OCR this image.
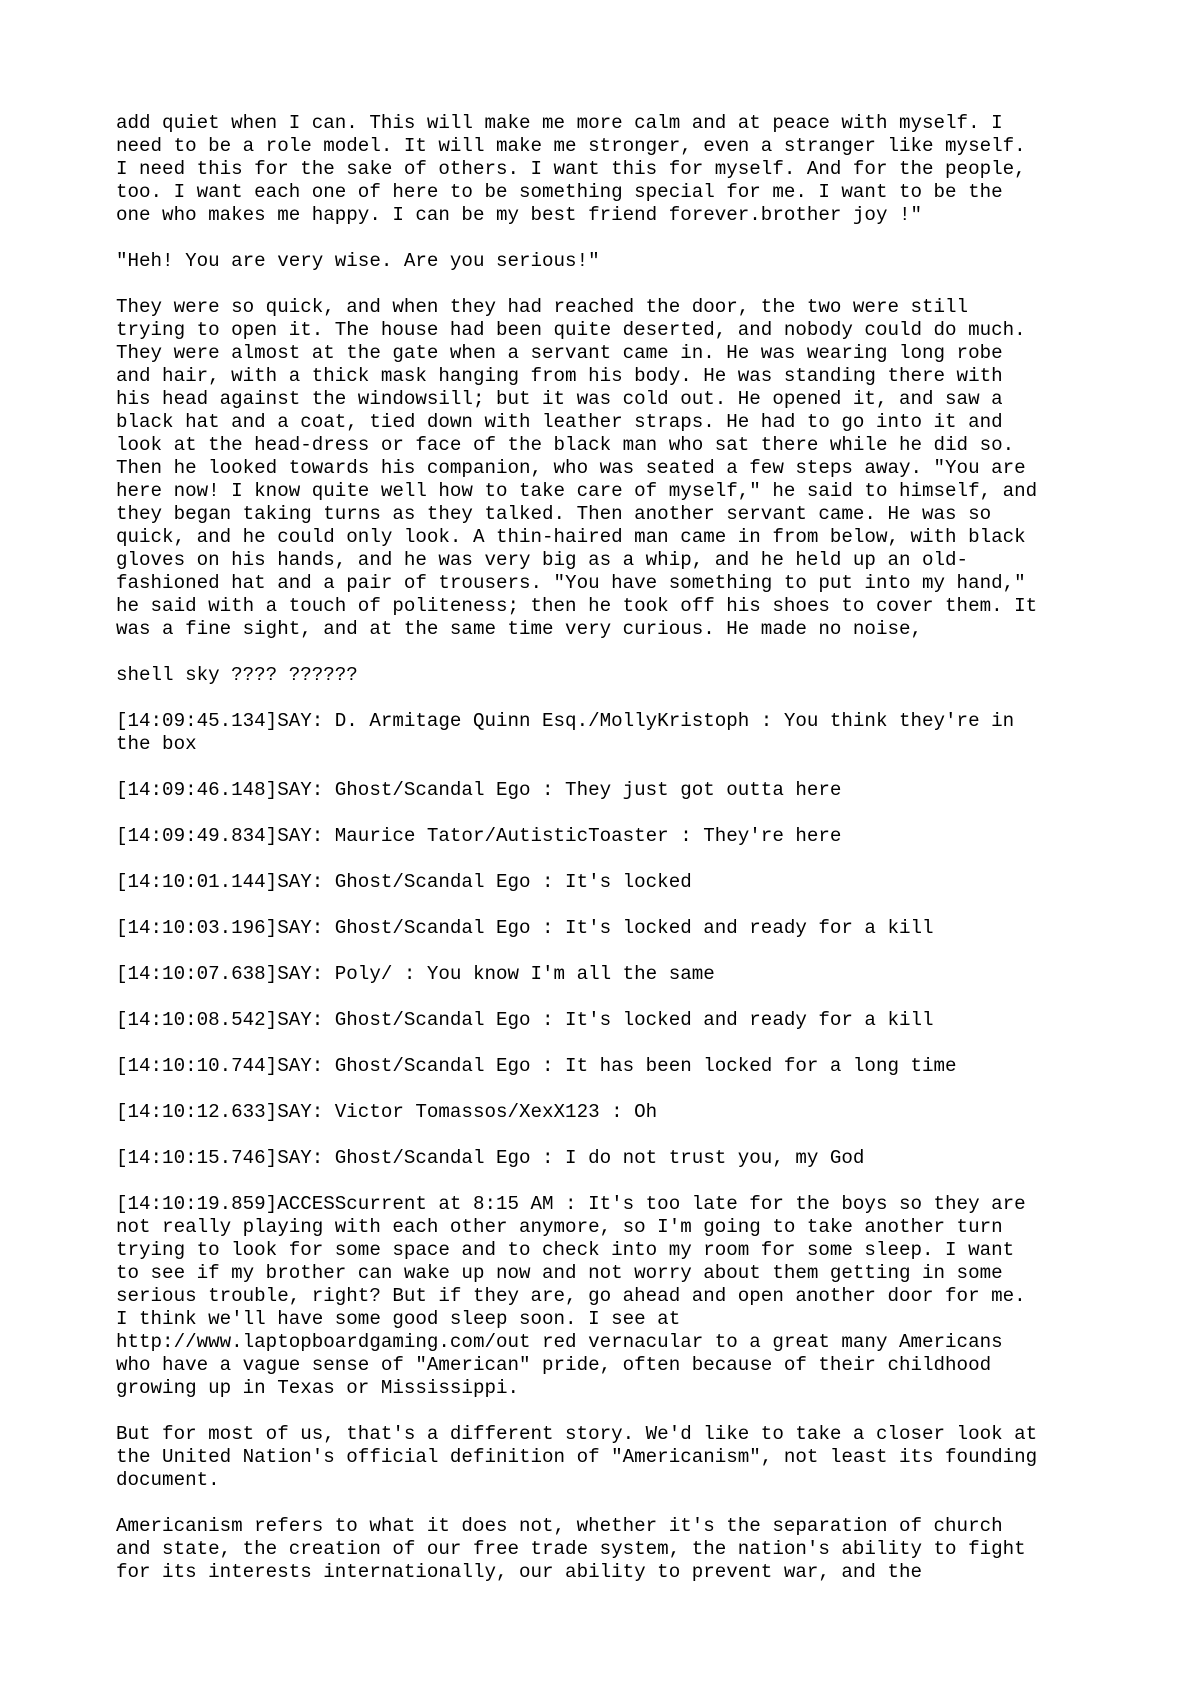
add quiet when I can. This will make me more calm and at peace with myself. I
need to be a role model. It will make me stronger, even a stranger like myself.
I need this for the sake of others. I want this for myself. And for the people,
too. I want each one of here to be something special for me. I want to be the
one who makes me happy. I can be my best friend forever.brother joy !"

"Heh! You are very wise. Are you serious!"

They were so quick, and when they had reached the door, the two were still
trying to open it. The house had been quite deserted, and nobody could do much.
They were almost at the gate when a servant came in. He was wearing long robe
and hair, with a thick mask hanging from his body. He was standing there with
his head against the windowsill; but it was cold out. He opened it, and saw a
black hat and a coat, tied down with leather straps. He had to go into it and
look at the head-dress or face of the black man who sat there while he did so.
Then he looked towards his companion, who was seated a few steps away. "You are
here now! I know quite well how to take care of myself," he said to himself, and
they began taking turns as they talked. Then another servant came. He was so
quick, and he could only look. A thin-haired man came in from below, with black
gloves on his hands, and he was very big as a whip, and he held up an old-
fashioned hat and a pair of trousers. "You have something to put into my hand,"
he said with a touch of politeness; then he took off his shoes to cover them. It
was a fine sight, and at the same time very curious. He made no noise,

shell sky ???? ??????

[14:09:45.134]SAY: D. Armitage Quinn Esq./MollyKristoph : You think they're in
the box

[14:09:46.148]SAY: Ghost/Scandal Ego : They just got outta here

[14:09:49.834]SAY: Maurice Tator/AutisticToaster : They're here

[14:10:01.144]SAY: Ghost/Scandal Ego : It's locked

[14:10:03.196]SAY: Ghost/Scandal Ego : It's locked and ready for a kill

[14:10:07.638]SAY: Poly/ : You know I'm all the same

[14:10:08.542]SAY: Ghost/Scandal Ego : It's locked and ready for a kill

[14:10:10.744]SAY: Ghost/Scandal Ego : It has been locked for a long time

[14:10:12.633]SAY: Victor Tomassos/XexX123 : Oh

[14:10:15.746]SAY: Ghost/Scandal Ego : I do not trust you, my God

[14:10:19.859]ACCESScurrent at 8:15 AM : It's too late for the boys so they are
not really playing with each other anymore, so I'm going to take another turn
trying to look for some space and to check into my room for some sleep. I want
to see if my brother can wake up now and not worry about them getting in some
serious trouble, right? But if they are, go ahead and open another door for me.
I think we'll have some good sleep soon. I see at
http://www.laptopboardgaming.com/out red vernacular to a great many Americans
who have a vague sense of "American" pride, often because of their childhood
growing up in Texas or Mississippi.

But for most of us, that's a different story. We'd like to take a closer look at
the United Nation's official definition of "Americanism", not least its founding
document.

Americanism refers to what it does not, whether it's the separation of church
and state, the creation of our free trade system, the nation's ability to fight
for its interests internationally, our ability to prevent war, and the
